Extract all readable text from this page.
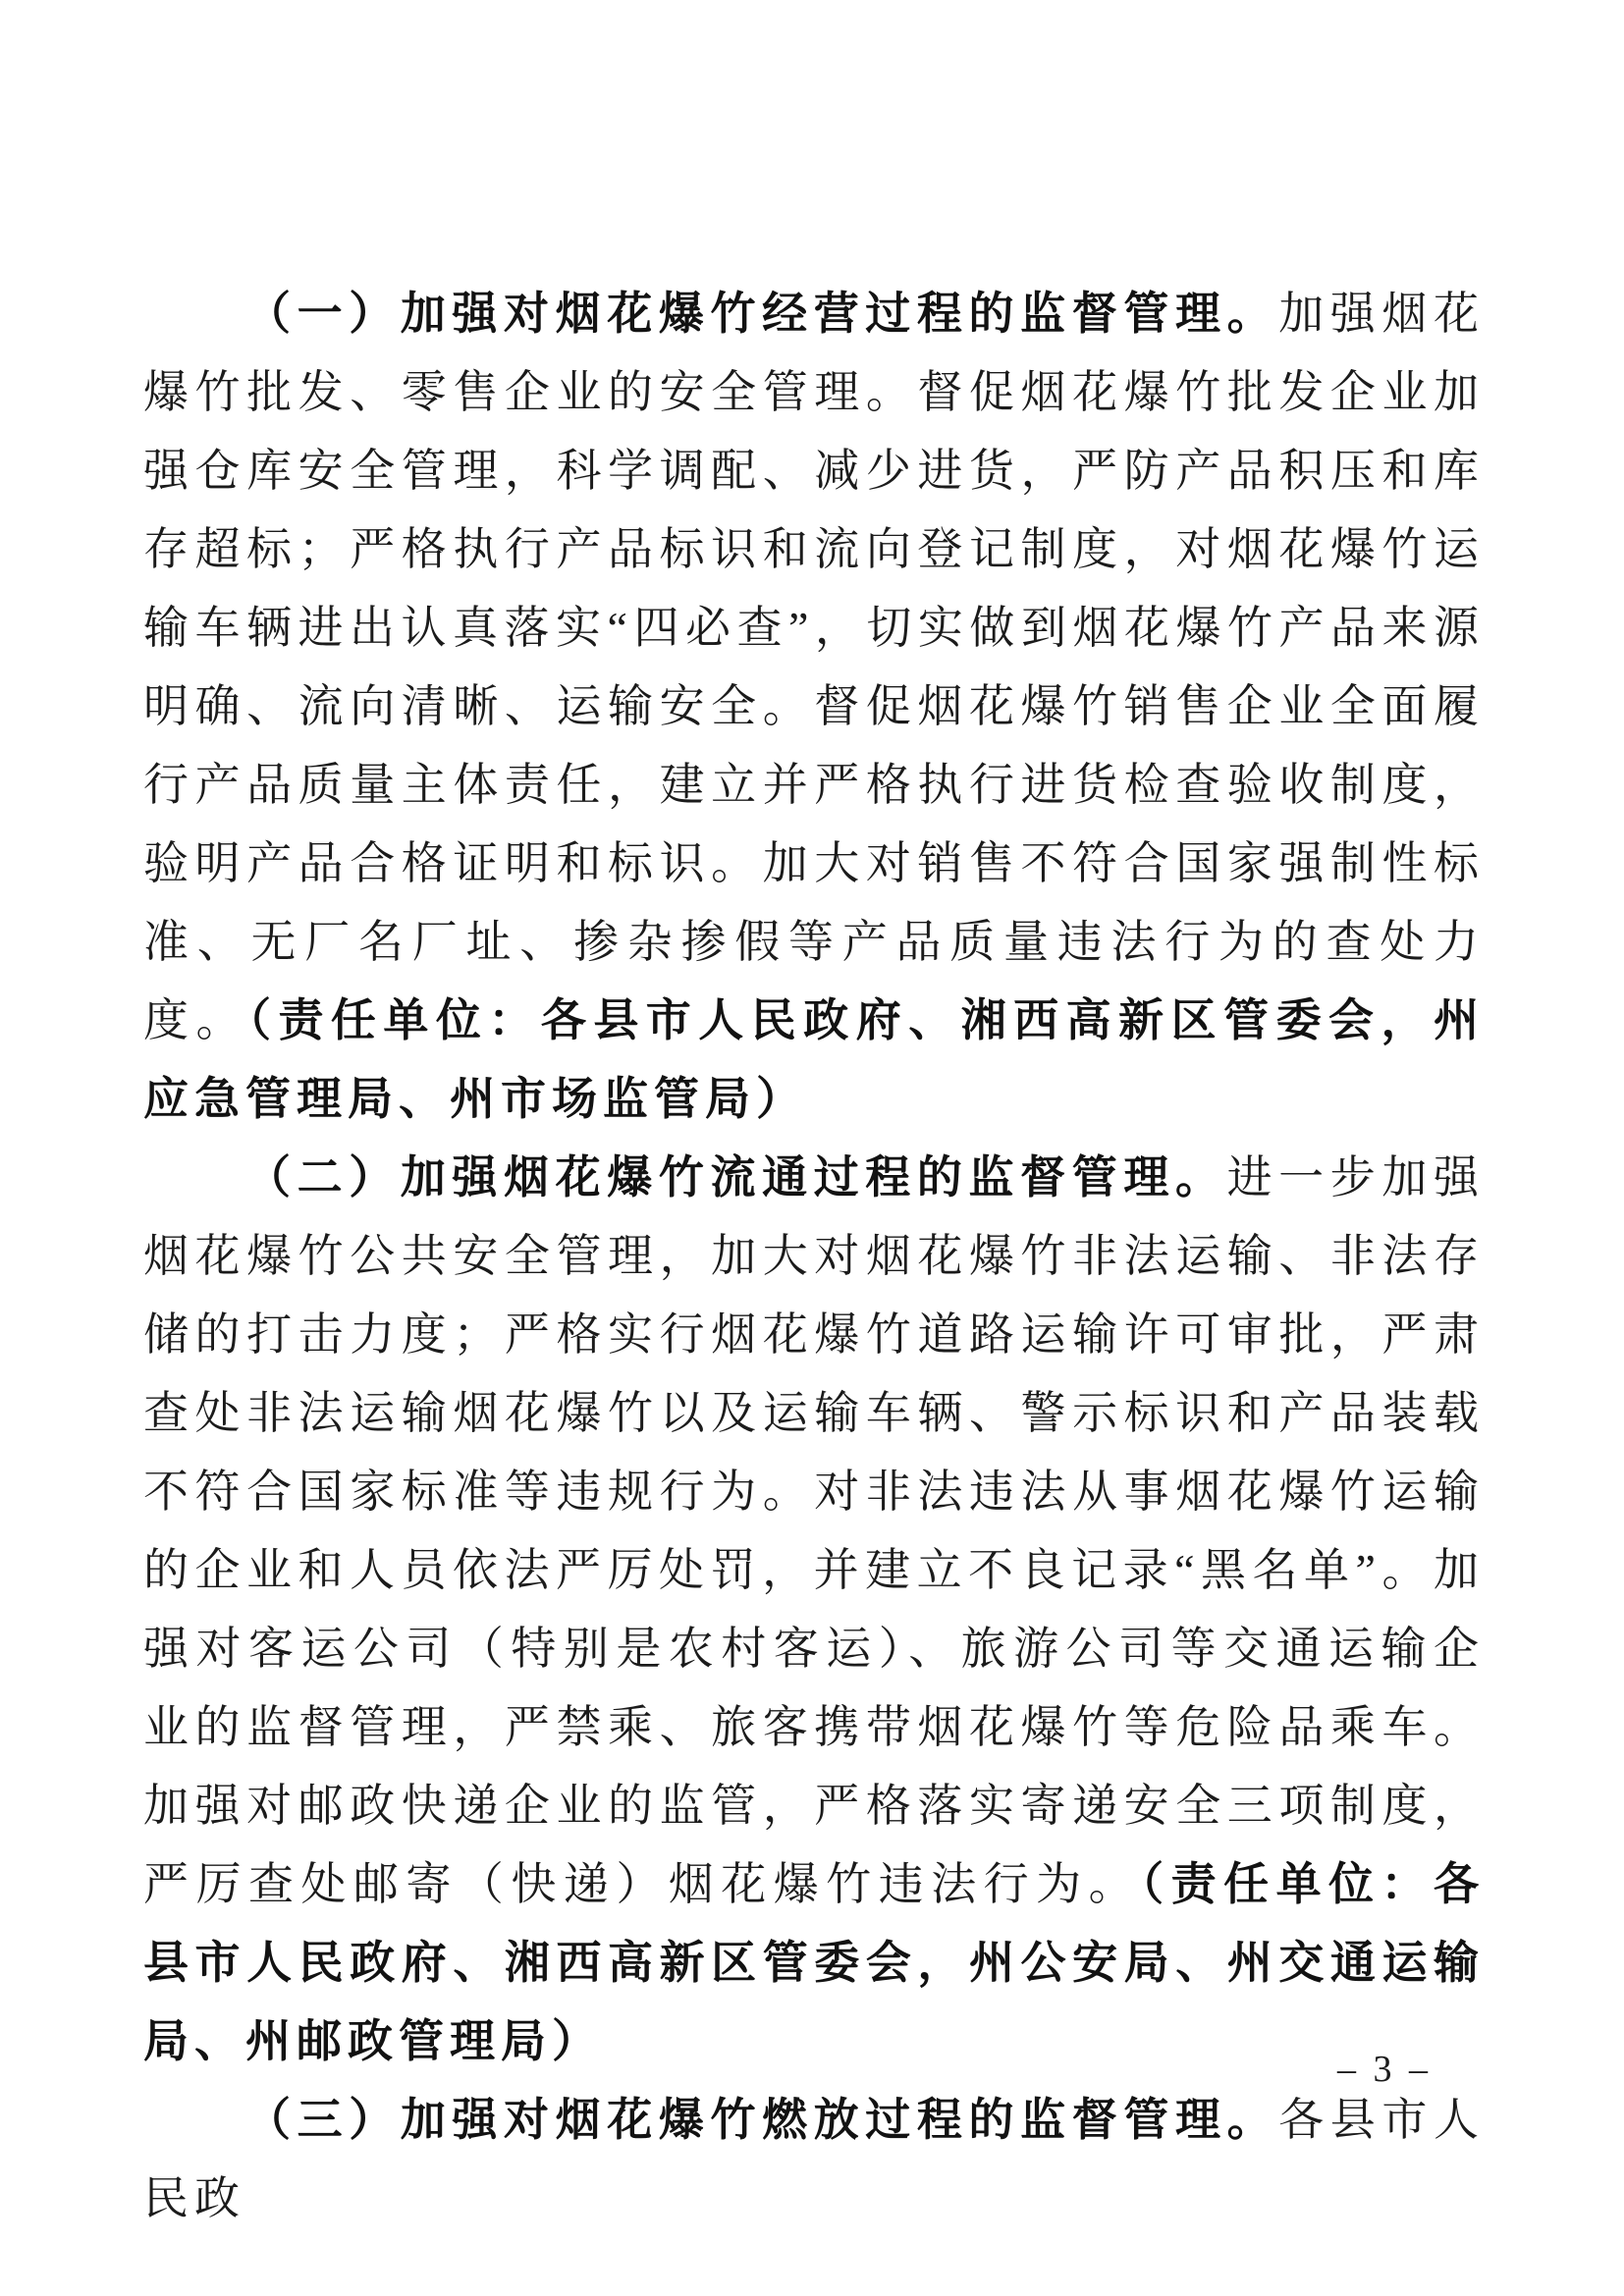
（一）加强对烟花爆竹经营过程的监督管理。加强烟花爆竹批发、零售企业的安全管理。督促烟花爆竹批发企业加强仓库安全管理，科学调配、减少进货，严防产品积压和库存超标；严格执行产品标识和流向登记制度，对烟花爆竹运输车辆进出认真落实“四必查”，切实做到烟花爆竹产品来源明确、流向清晰、运输安全。督促烟花爆竹销售企业全面履行产品质量主体责任，建立并严格执行进货检查验收制度，验明产品合格证明和标识。加大对销售不符合国家强制性标准、无厂名厂址、掺杂掺假等产品质量违法行为的查处力度。（责任单位：各县市人民政府、湘西高新区管委会，州应急管理局、州市场监管局）

（二）加强烟花爆竹流通过程的监督管理。进一步加强烟花爆竹公共安全管理，加大对烟花爆竹非法运输、非法存储的打击力度；严格实行烟花爆竹道路运输许可审批，严肃查处非法运输烟花爆竹以及运输车辆、警示标识和产品装载不符合国家标准等违规行为。对非法违法从事烟花爆竹运输的企业和人员依法严厉处罚，并建立不良记录“黑名单”。加强对客运公司（特别是农村客运）、旅游公司等交通运输企业的监督管理，严禁乘、旅客携带烟花爆竹等危险品乘车。加强对邮政快递企业的监管，严格落实寄递安全三项制度，严厉查处邮寄（快递）烟花爆竹违法行为。（责任单位：各县市人民政府、湘西高新区管委会，州公安局、州交通运输局、州邮政管理局）

（三）加强对烟花爆竹燃放过程的监督管理。各县市人民政

– 3 –
